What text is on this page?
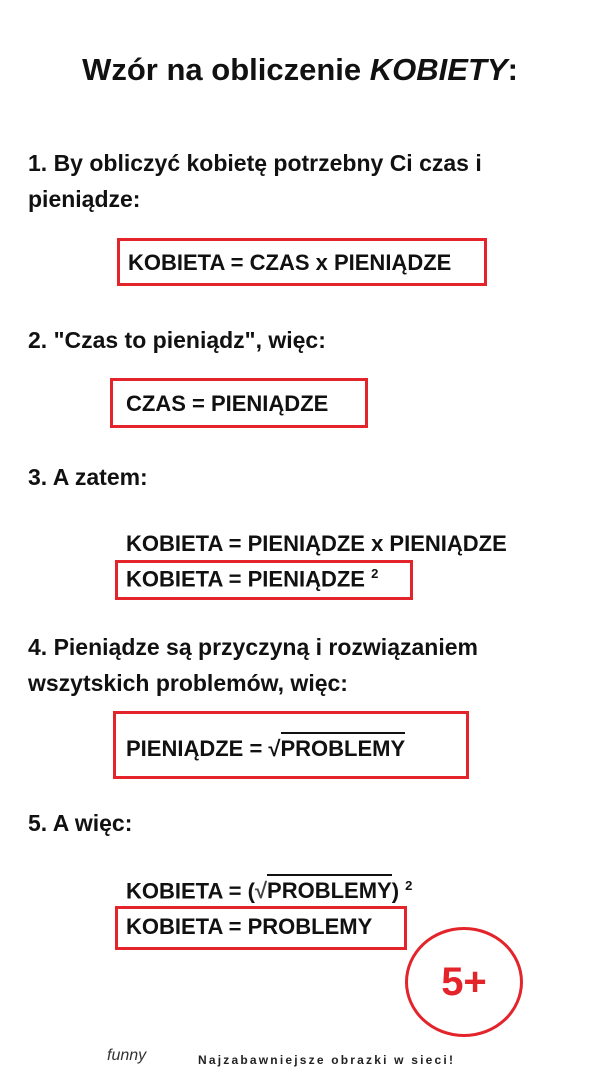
Wzór na obliczenie KOBIETY:
1. By obliczyć kobietę potrzebny Ci czas i
pieniądze:
KOBIETA = CZAS x PIENIĄDZE
2. "Czas to pieniądz", więc:
CZAS = PIENIĄDZE
3. A zatem:
KOBIETA = PIENIĄDZE x PIENIĄDZE
KOBIETA = PIENIĄDZE $^2$
4. Pieniądze są przyczyną i rozwiązaniem
wszytskich problemów, więc:
PIENIĄDZE = √PROBLEMY
5. A więc:
KOBIETA = (√PROBLEMY) $^2$
KOBIETA = PROBLEMY
5+
funny	Najzabawniejsze obrazki w sieci!
